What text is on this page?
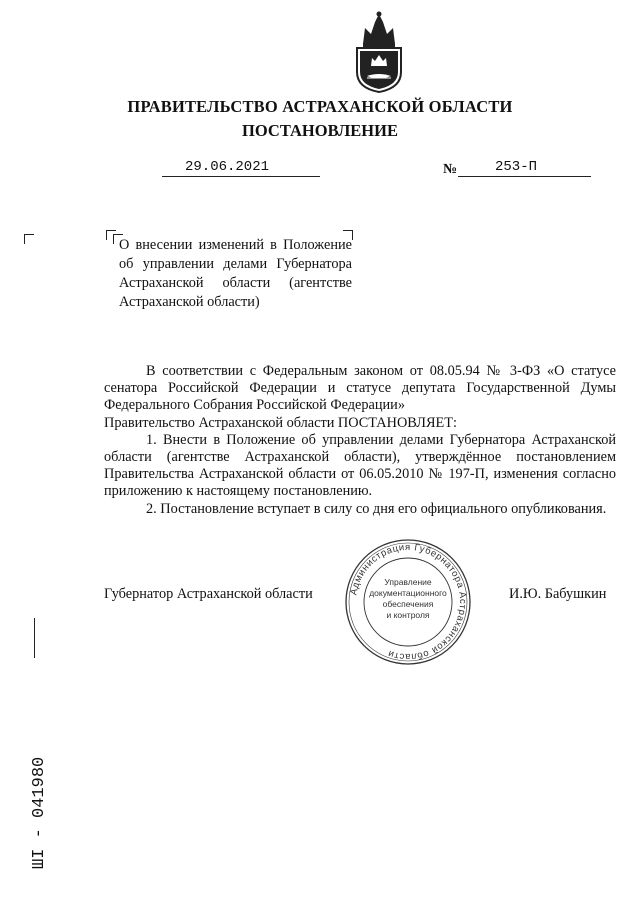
ПРАВИТЕЛЬСТВО АСТРАХАНСКОЙ ОБЛАСТИ
ПОСТАНОВЛЕНИЕ
29.06.2021	№	253-П
О внесении изменений в Положение об управлении делами Губернатора Астраханской области (агентстве Астраханской области)

В соответствии с Федеральным законом от 08.05.94 № 3-ФЗ «О статусе сенатора Российской Федерации и статусе депутата Государственной Думы Федерального Собрания Российской Федерации»

Правительство Астраханской области ПОСТАНОВЛЯЕТ:

1. Внести в Положение об управлении делами Губернатора Астраханской области (агентстве Астраханской области), утверждённое постановлением Правительства Астраханской области от 06.05.2010 № 197-П, изменения согласно приложению к настоящему постановлению.

2. Постановление вступает в силу со дня его официального опубликования.

Губернатор Астраханской области	И.Ю. Бабушкин
Администрация Губернатора Астраханской области
Управление
документационного
обеспечения
и контроля
ШI - 041980
